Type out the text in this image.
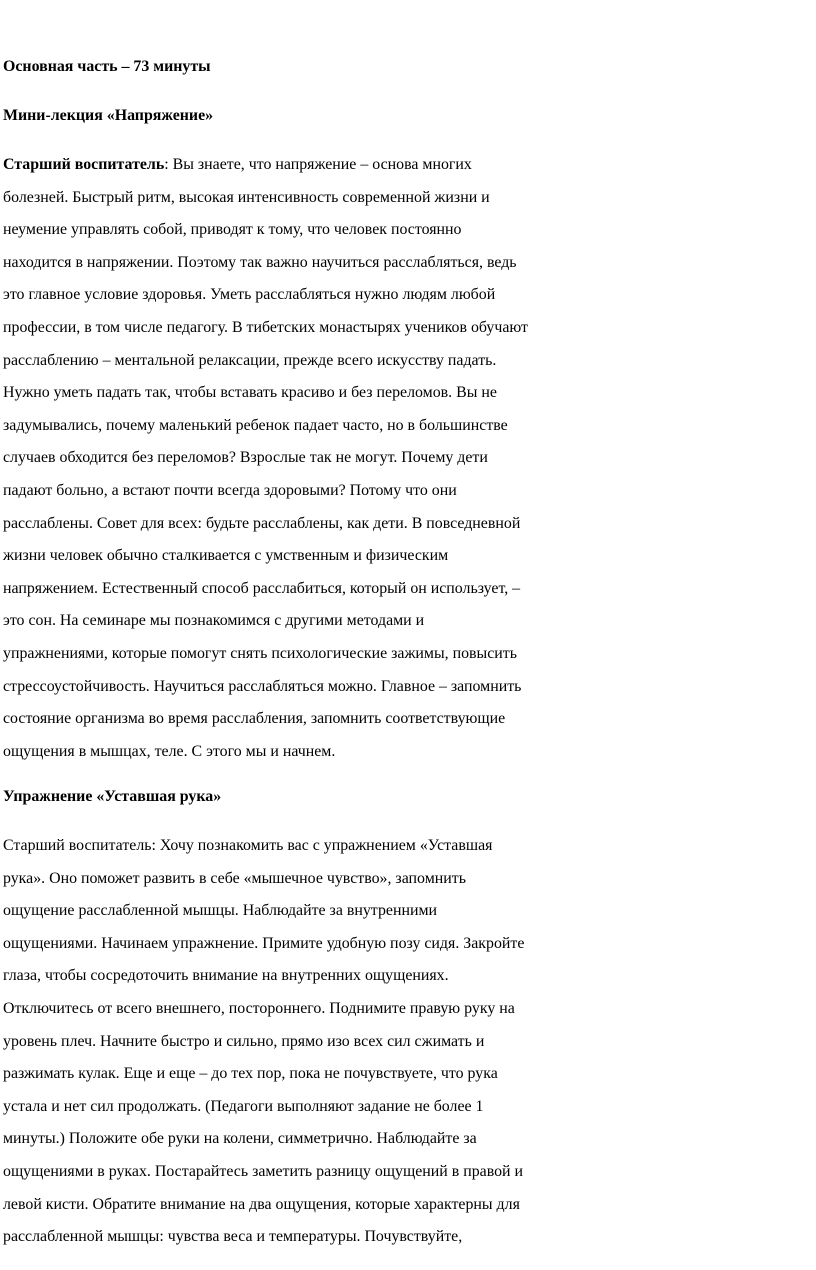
Основная часть – 73 минуты

Мини-лекция «Напряжение»

Старший воспитатель: Вы знаете, что напряжение – основа многих
болезней. Быстрый ритм, высокая интенсивность современной жизни и
неумение управлять собой, приводят к тому, что человек постоянно
находится в напряжении. Поэтому так важно научиться расслабляться, ведь
это главное условие здоровья. Уметь расслабляться нужно людям любой
профессии, в том числе педагогу. В тибетских монастырях учеников обучают
расслаблению – ментальной релаксации, прежде всего искусству падать.
Нужно уметь падать так, чтобы вставать красиво и без переломов. Вы не
задумывались, почему маленький ребенок падает часто, но в большинстве
случаев обходится без переломов? Взрослые так не могут. Почему дети
падают больно, а встают почти всегда здоровыми? Потому что они
расслаблены. Совет для всех: будьте расслаблены, как дети. В повседневной
жизни человек обычно сталкивается с умственным и физическим
напряжением. Естественный способ расслабиться, который он использует, –
это сон. На семинаре мы познакомимся с другими методами и
упражнениями, которые помогут снять психологические зажимы, повысить
стрессоустойчивость. Научиться расслабляться можно. Главное – запомнить
состояние организма во время расслабления, запомнить соответствующие
ощущения в мышцах, теле. С этого мы и начнем.

Упражнение «Уставшая рука»

Старший воспитатель: Хочу познакомить вас с упражнением «Уставшая
рука». Оно поможет развить в себе «мышечное чувство», запомнить
ощущение расслабленной мышцы. Наблюдайте за внутренними
ощущениями. Начинаем упражнение. Примите удобную позу сидя. Закройте
глаза, чтобы сосредоточить внимание на внутренних ощущениях.
Отключитесь от всего внешнего, постороннего. Поднимите правую руку на
уровень плеч. Начните быстро и сильно, прямо изо всех сил сжимать и
разжимать кулак. Еще и еще – до тех пор, пока не почувствуете, что рука
устала и нет сил продолжать. (Педагоги выполняют задание не более 1
минуты.) Положите обе руки на колени, симметрично. Наблюдайте за
ощущениями в руках. Постарайтесь заметить разницу ощущений в правой и
левой кисти. Обратите внимание на два ощущения, которые характерны для
расслабленной мышцы: чувства веса и температуры. Почувствуйте,
